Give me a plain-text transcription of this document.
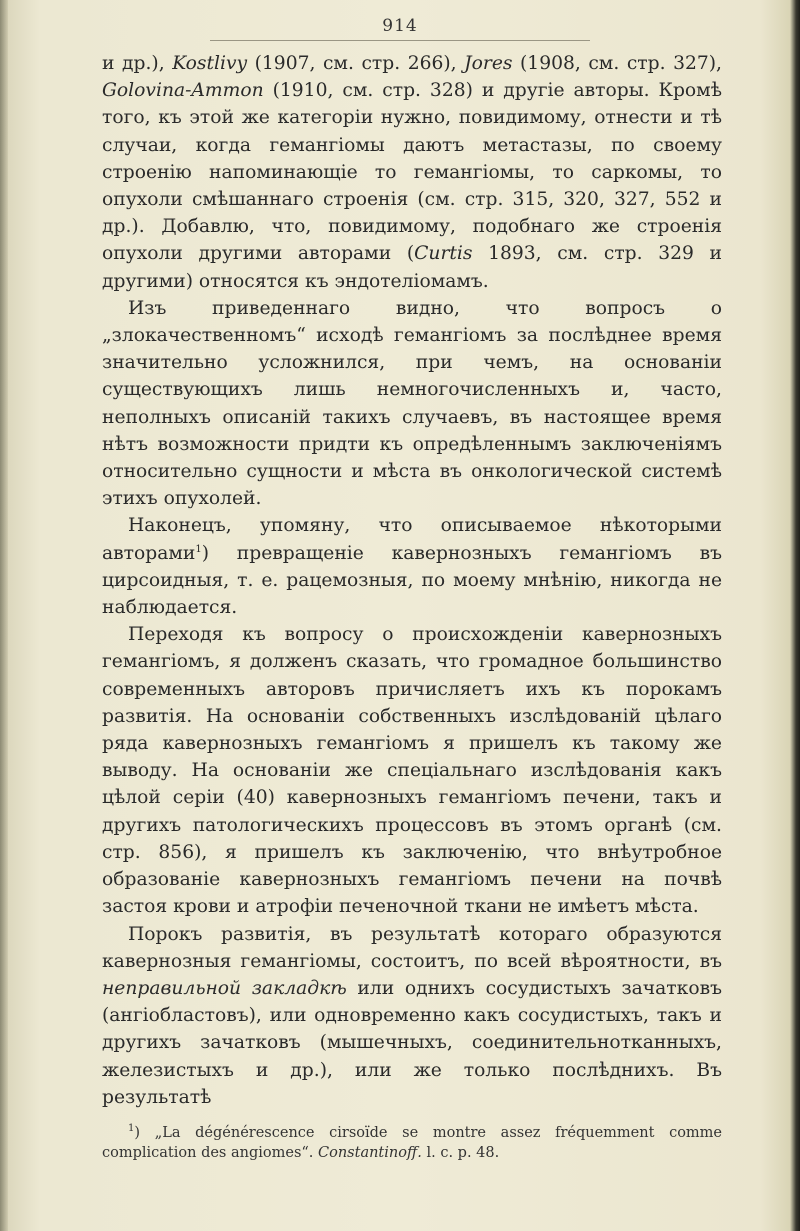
914

и др.), Kostlivy (1907, см. стр. 266), Jores (1908, см. стр. 327), Golovina-Ammon (1910, см. стр. 328) и другіе авторы. Кромѣ того, къ этой же категоріи нужно, повидимому, отнести и тѣ случаи, когда гемангіомы даютъ метастазы, по своему строенію напоминающіе то гемангіомы, то саркомы, то опухоли смѣшаннаго строенія (см. стр. 315, 320, 327, 552 и др.). Добавлю, что, повидимому, подобнаго же строенія опухоли другими авторами (Curtis 1893, см. стр. 329 и другими) относятся къ эндотеліомамъ.

Изъ приведеннаго видно, что вопросъ о „злокачественномъ“ исходѣ гемангіомъ за послѣднее время значительно усложнился, при чемъ, на основаніи существующихъ лишь немногочисленныхъ и, часто, неполныхъ описаній такихъ случаевъ, въ настоящее время нѣтъ возможности придти къ опредѣленнымъ заключеніямъ относительно сущности и мѣста въ онкологической системѣ этихъ опухолей.

Наконецъ, упомяну, что описываемое нѣкоторыми авторами$^1$) превращеніе кавернозныхъ гемангіомъ въ цирсоидныя, т. е. рацемозныя, по моему мнѣнію, никогда не наблюдается.

Переходя къ вопросу о происхожденіи кавернозныхъ гемангіомъ, я долженъ сказать, что громадное большинство современныхъ авторовъ причисляетъ ихъ къ порокамъ развитія. На основаніи собственныхъ изслѣдованій цѣлаго ряда кавернозныхъ гемангіомъ я пришелъ къ такому же выводу. На основаніи же спеціальнаго изслѣдованія какъ цѣлой серіи (40) кавернозныхъ гемангіомъ печени, такъ и другихъ патологическихъ процессовъ въ этомъ органѣ (см. стр. 856), я пришелъ къ заключенію, что внѣутробное образованіе кавернозныхъ гемангіомъ печени на почвѣ застоя крови и атрофіи печеночной ткани не имѣетъ мѣста.

Порокъ развитія, въ результатѣ котораго образуются кавернозныя гемангіомы, состоитъ, по всей вѣроятности, въ неправильной закладкѣ или однихъ сосудистыхъ зачатковъ (ангіобластовъ), или одновременно какъ сосудистыхъ, такъ и другихъ зачатковъ (мышечныхъ, соединительнотканныхъ, железистыхъ и др.), или же только послѣднихъ. Въ результатѣ

$^1$) „La dégénérescence cirsoïde se montre assez fréquemment comme complication des angiomes“. Constantinoff. l. c. p. 48.
